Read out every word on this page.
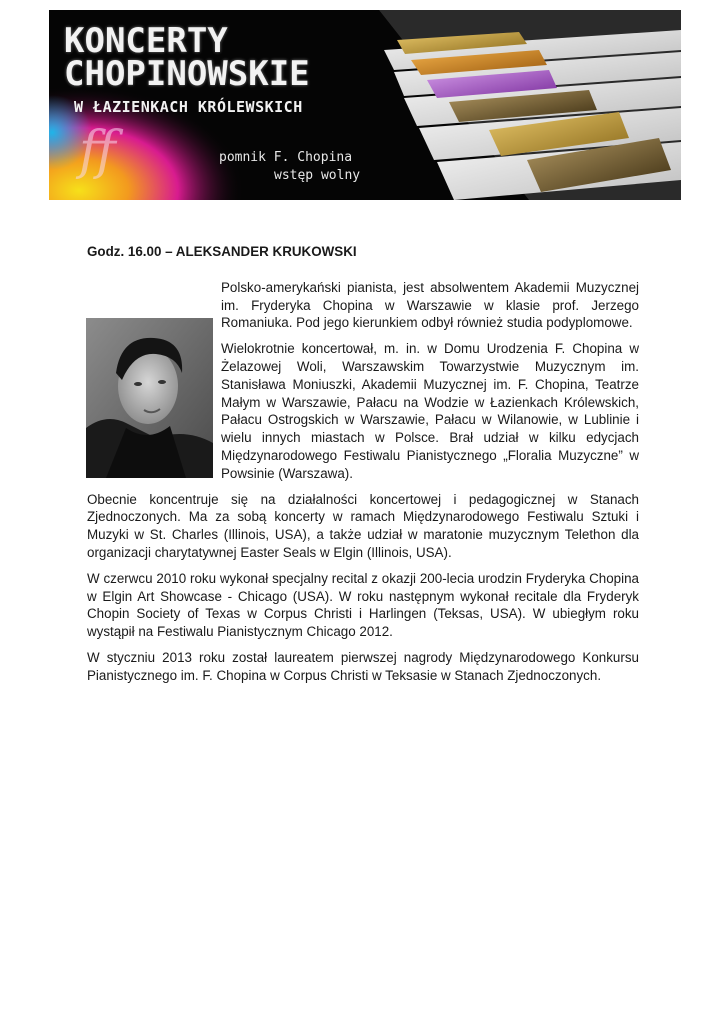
ff
KONCERTY
CHOPINOWSKIE
W ŁAZIENKACH KRÓLEWSKICH
pomnik F. Chopina
wstęp wolny
Godz. 16.00 – ALEKSANDER KRUKOWSKI

Polsko-amerykański pianista, jest absolwentem Akademii Muzycznej im. Fryderyka Chopina w Warszawie w klasie prof. Jerzego Romaniuka. Pod jego kierunkiem odbył również studia podyplomowe.

Wielokrotnie koncertował, m. in. w Domu Urodzenia F. Chopina w Żelazowej Woli, Warszawskim Towarzystwie Muzycznym im. Stanisława Moniuszki, Akademii Muzycznej im. F. Chopina, Teatrze Małym w Warszawie, Pałacu na Wodzie w Łazienkach Królewskich, Pałacu Ostrogskich w Warszawie, Pałacu w Wilanowie, w Lublinie i wielu innych miastach w Polsce. Brał udział w kilku edycjach Międzynarodowego Festiwalu Pianistycznego „Floralia Muzyczne” w Powsinie (Warszawa).

Obecnie koncentruje się na działalności koncertowej i pedagogicznej w Stanach Zjednoczonych. Ma za sobą koncerty w ramach Międzynarodowego Festiwalu Sztuki i Muzyki w St. Charles (Illinois, USA), a także udział w maratonie muzycznym Telethon dla organizacji charytatywnej Easter Seals w Elgin (Illinois, USA).

W czerwcu 2010 roku wykonał specjalny recital z okazji 200-lecia urodzin Fryderyka Chopina w Elgin Art Showcase - Chicago (USA). W roku następnym wykonał recitale dla Fryderyk Chopin Society of Texas w Corpus Christi i Harlingen (Teksas, USA). W ubiegłym roku wystąpił na Festiwalu Pianistycznym Chicago 2012.

W styczniu 2013 roku został laureatem pierwszej nagrody Międzynarodowego Konkursu Pianistycznego im. F. Chopina w Corpus Christi w Teksasie w Stanach Zjednoczonych.
